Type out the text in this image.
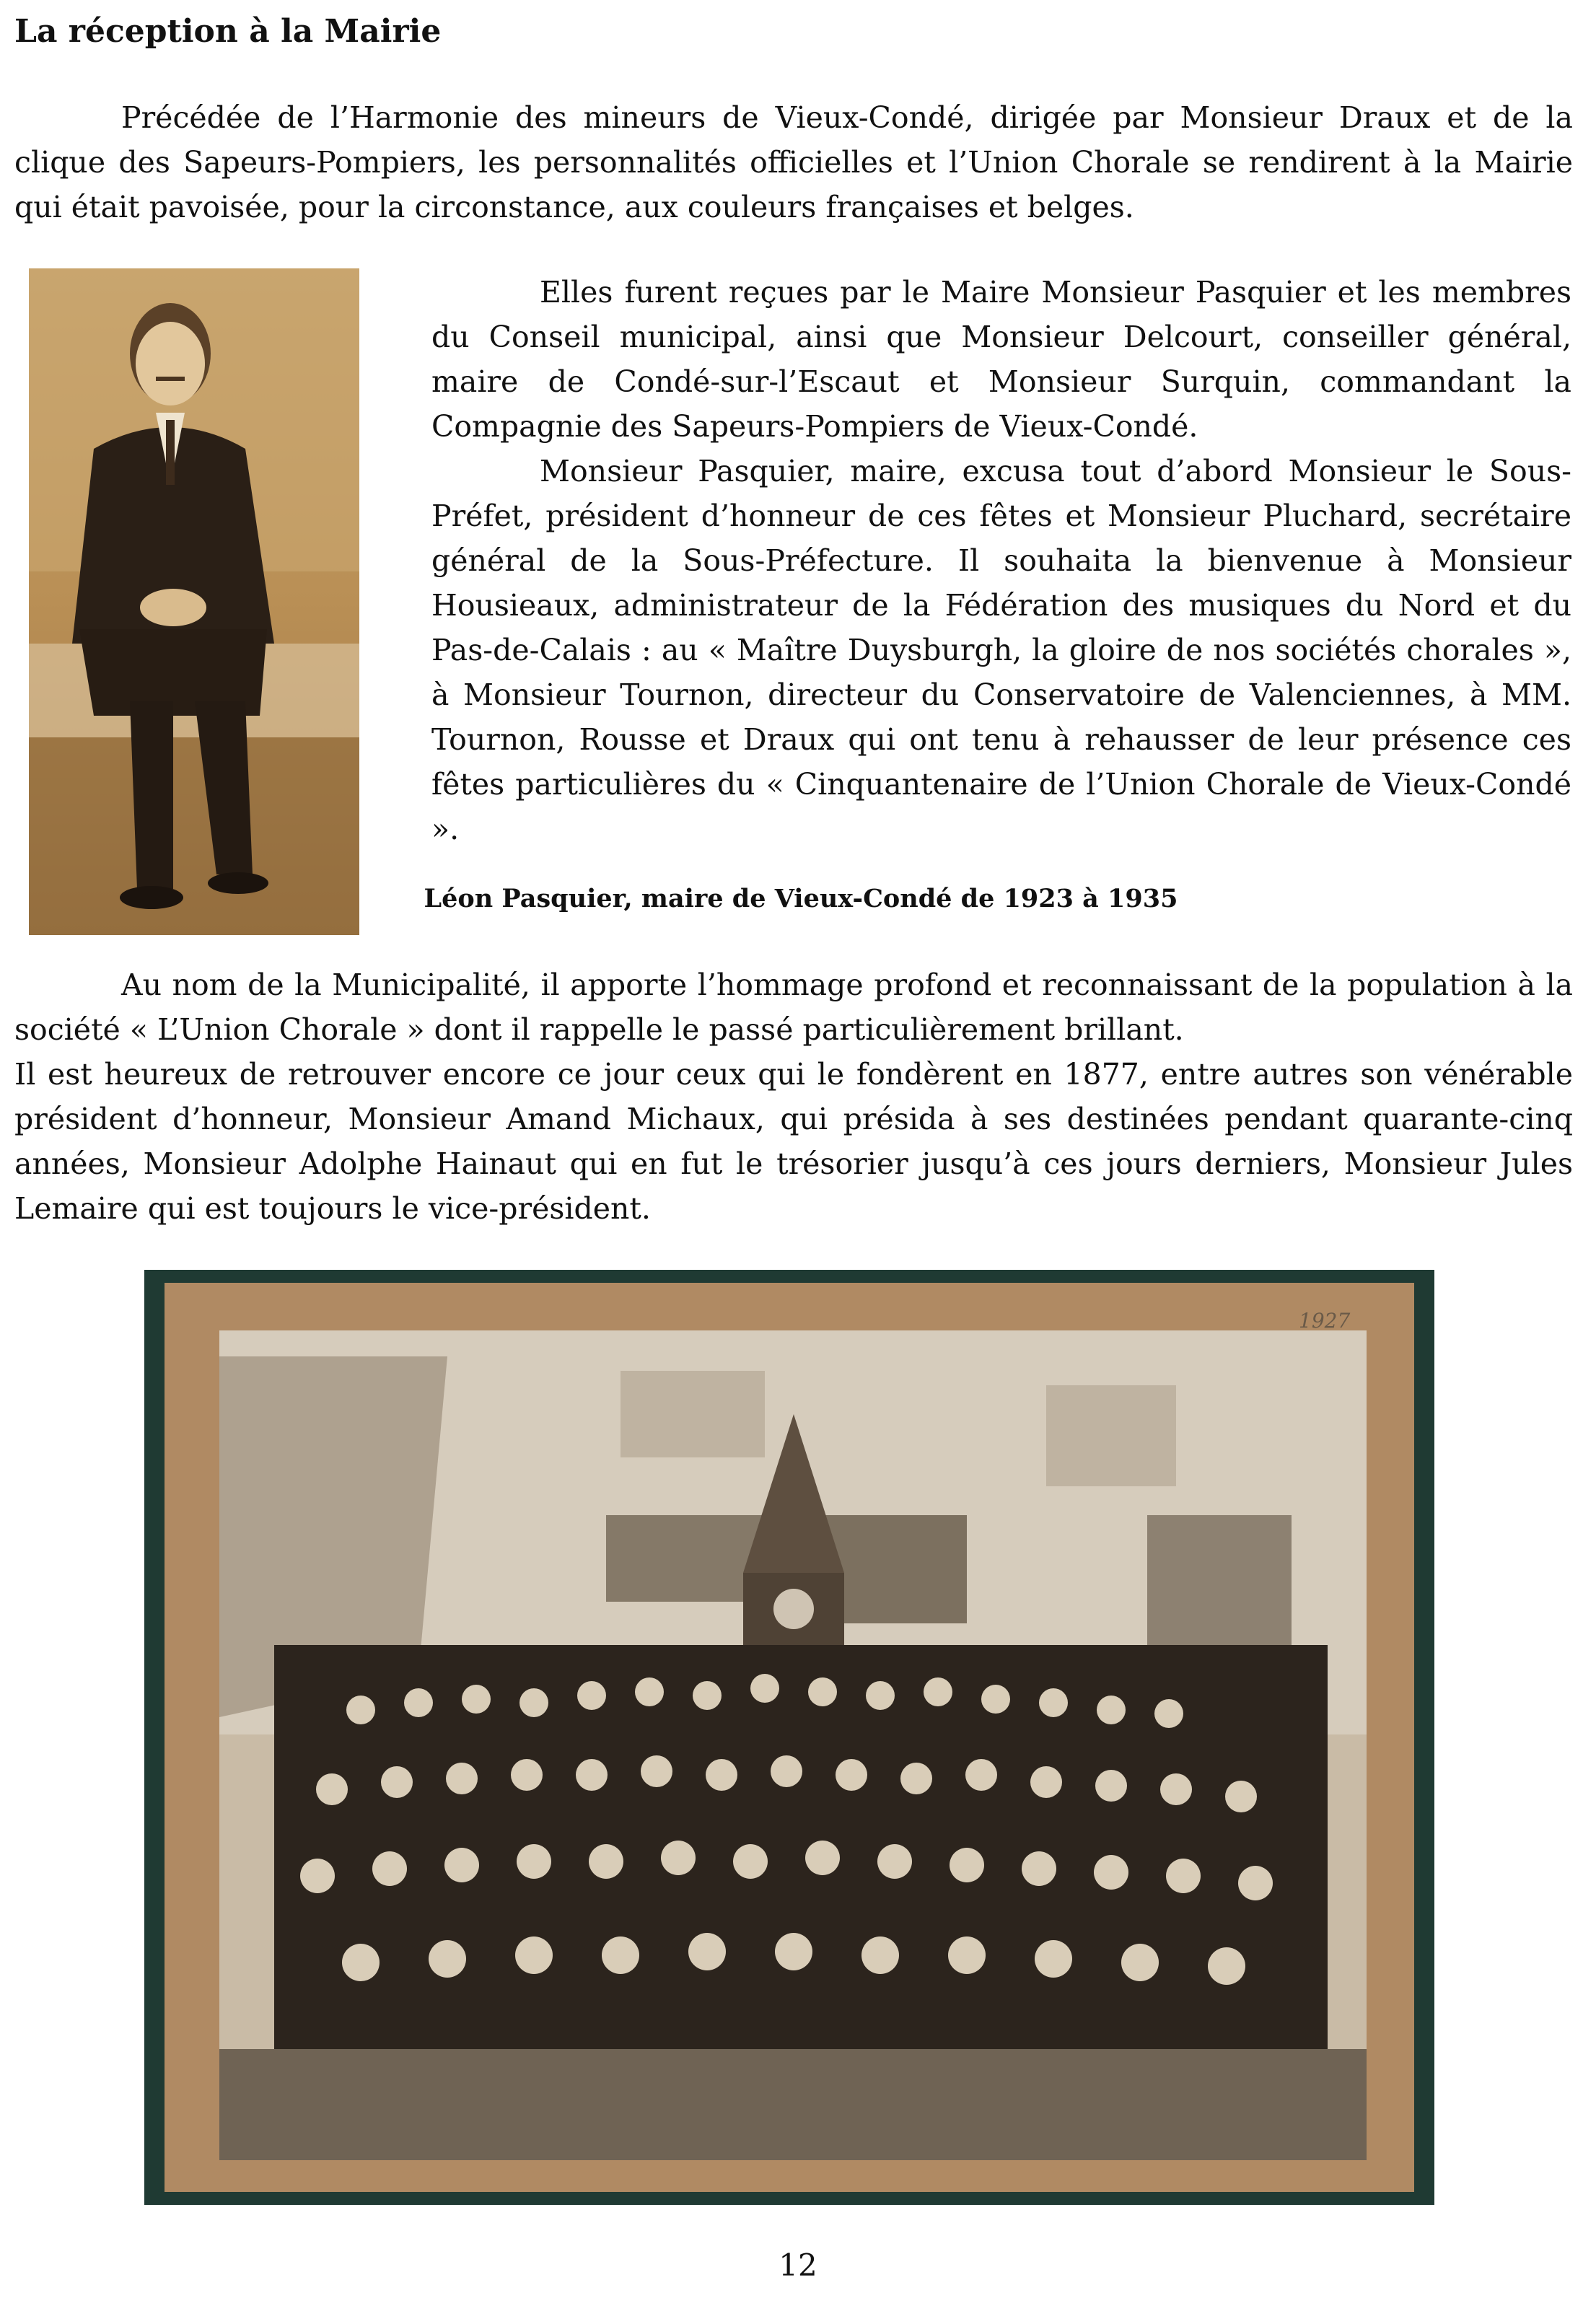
La réception à la Mairie

Précédée de l’Harmonie des mineurs de Vieux-Condé, dirigée par Monsieur Draux et de la clique des Sapeurs-Pompiers, les personnalités officielles et l’Union Chorale se rendirent à la Mairie qui était pavoisée, pour la circonstance, aux couleurs françaises et belges.

Elles furent reçues par le Maire Monsieur Pasquier et les membres du Conseil municipal, ainsi que Monsieur Delcourt, conseiller général, maire de Condé-sur-l’Escaut et Monsieur Surquin, commandant la Compagnie des Sapeurs-Pompiers de Vieux-Condé.

Monsieur Pasquier, maire, excusa tout d’abord Monsieur le Sous-Préfet, président d’honneur de ces fêtes et Monsieur Pluchard, secrétaire général de la Sous-Préfecture. Il souhaita la bienvenue à Monsieur Housieaux, administrateur de la Fédération des musiques du Nord et du Pas-de-Calais : au « Maître Duysburgh, la gloire de nos sociétés chorales », à Monsieur Tournon, directeur du Conservatoire de Valenciennes, à MM. Tournon, Rousse et Draux qui ont tenu à rehausser de leur présence ces fêtes particulières du « Cinquantenaire de l’Union Chorale de Vieux-Condé ».

Léon Pasquier, maire de Vieux-Condé de 1923 à 1935

Au nom de la Municipalité, il apporte l’hommage profond et reconnaissant de la population à la société « L’Union Chorale » dont il rappelle le passé particulièrement brillant.

Il est heureux de retrouver encore ce jour ceux qui le fondèrent en 1877, entre autres son vénérable président d’honneur, Monsieur Amand Michaux, qui présida à ses destinées pendant quarante-cinq années, Monsieur Adolphe Hainaut qui en fut le trésorier jusqu’à ces jours derniers, Monsieur Jules Lemaire qui est toujours le vice-président.

1927
12
